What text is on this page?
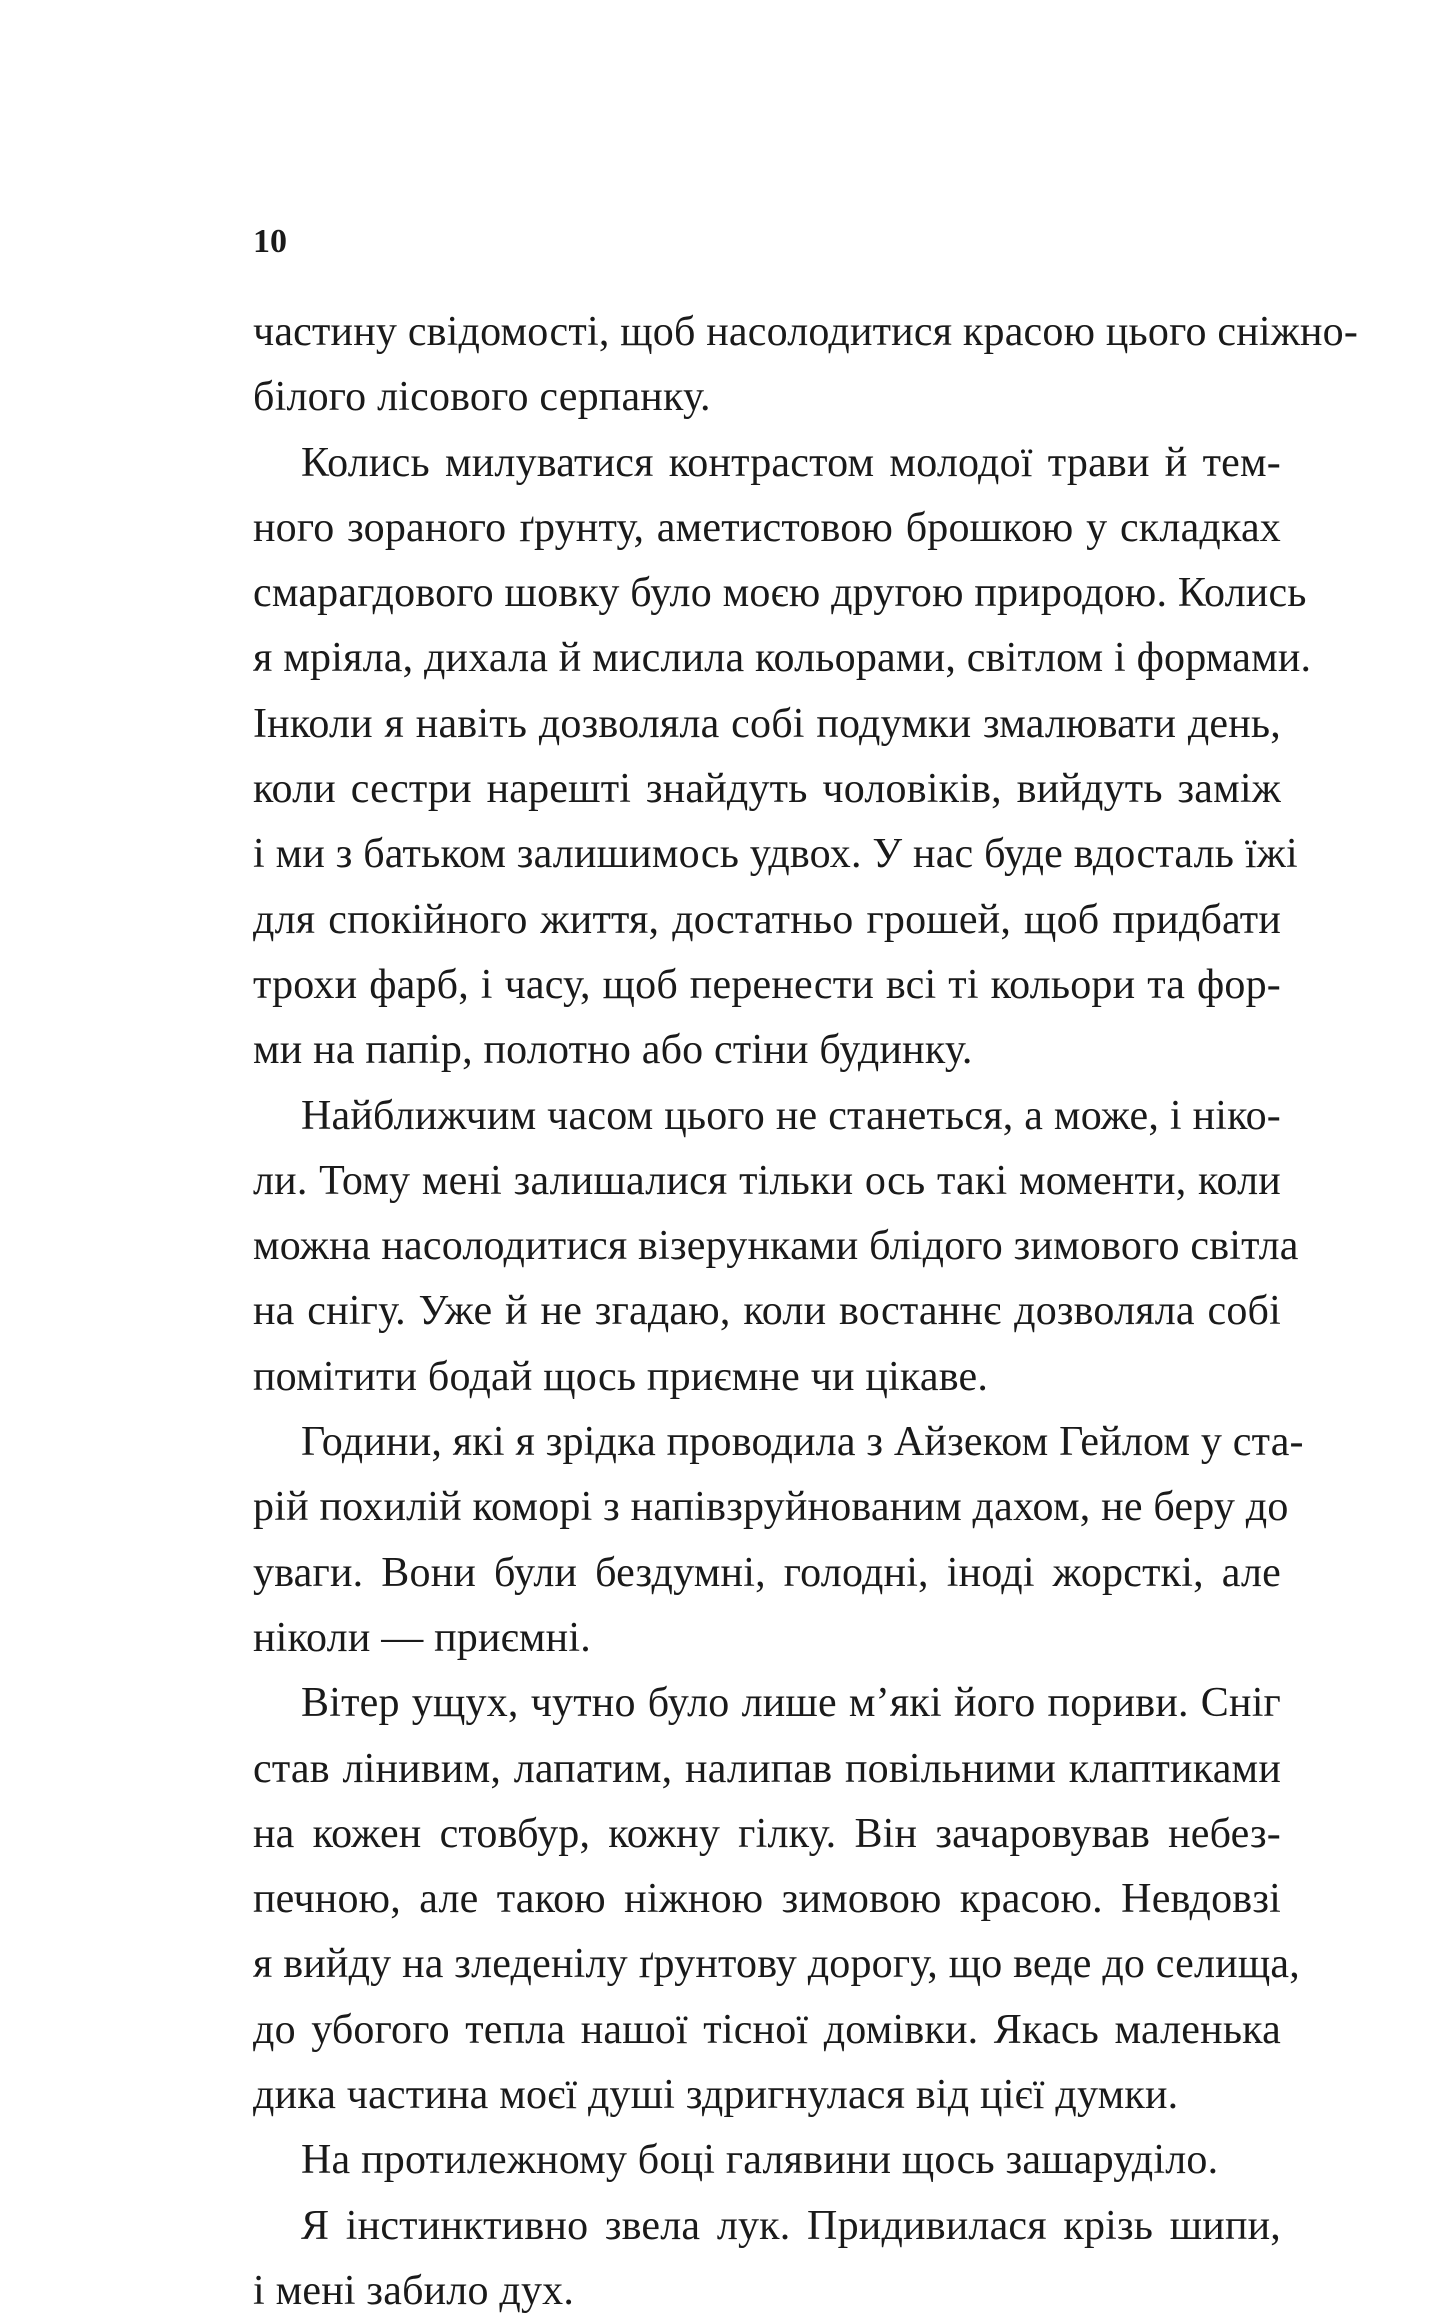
10
частину свідомості, щоб насолодитися красою цього сніжно-
білого лісового серпанку.
Колись милуватися контрастом молодої трави й тем-
ного зораного ґрунту, аметистовою брошкою у складках
смарагдового шовку було моєю другою природою. Колись
я мріяла, дихала й мислила кольорами, світлом і формами.
Інколи я навіть дозволяла собі подумки змалювати день,
коли сестри нарешті знайдуть чоловіків, вийдуть заміж
і ми з батьком залишимось удвох. У нас буде вдосталь їжі
для спокійного життя, достатньо грошей, щоб придбати
трохи фарб, і часу, щоб перенести всі ті кольори та фор-
ми на папір, полотно або стіни будинку.
Найближчим часом цього не станеться, а може, і ніко-
ли. Тому мені залишалися тільки ось такі моменти, коли
можна насолодитися візерунками блідого зимового світла
на снігу. Уже й не згадаю, коли востаннє дозволяла собі
помітити бодай щось приємне чи цікаве.
Години, які я зрідка проводила з Айзеком Гейлом у ста-
рій похилій коморі з напівзруйнованим дахом, не беру до
уваги. Вони були бездумні, голодні, іноді жорсткі, але
ніколи — приємні.
Вітер ущух, чутно було лише м’які його пориви. Сніг
став лінивим, лапатим, налипав повільними клаптиками
на кожен стовбур, кожну гілку. Він зачаровував небез-
печною, але такою ніжною зимовою красою. Невдовзі
я вийду на зледенілу ґрунтову дорогу, що веде до селища,
до убогого тепла нашої тісної домівки. Якась маленька
дика частина моєї душі здригнулася від цієї думки.
На протилежному боці галявини щось зашаруділо.
Я інстинктивно звела лук. Придивилася крізь шипи,
і мені забило дух.
